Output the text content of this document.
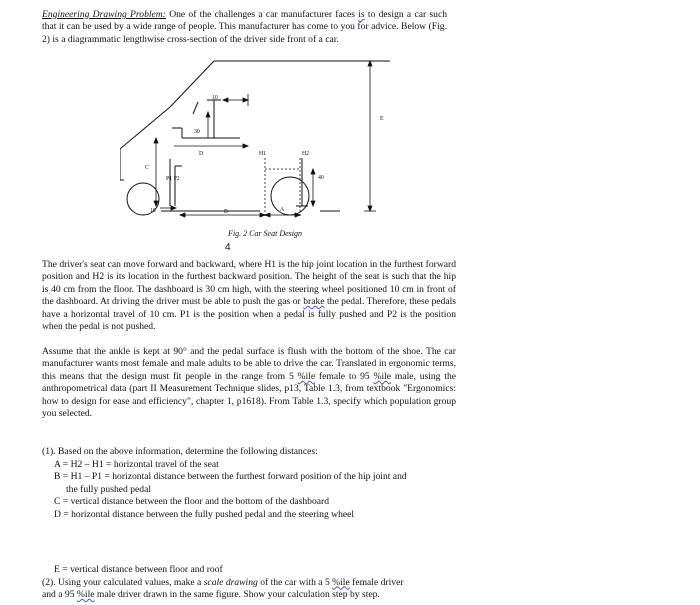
Engineering Drawing Problem: One of the challenges a car manufacturer faces is to design a car such that it can be used by a wide range of people. This manufacturer has come to you for advice. Below (Fig. 2) is a diagrammatic lengthwise cross-section of the driver side front of a car.

10
30
D	H1	H2
40
P1 P2
C
10	B	A
E
Fig. 2 Car Seat Design
4

The driver's seat can move forward and backward, where H1 is the hip joint location in the furthest forward position and H2 is its location in the furthest backward position. The height of the seat is such that the hip is 40 cm from the floor. The dashboard is 30 cm high, with the steering wheel positioned 10 cm in front of the dashboard. At driving the driver must be able to push the gas or brake the pedal. Therefore, these pedals have a horizontal travel of 10 cm. P1 is the position when a pedal is fully pushed and P2 is the position when the pedal is not pushed.

Assume that the ankle is kept at 90° and the pedal surface is flush with the bottom of the shoe. The car manufacturer wants most female and male adults to be able to drive the car. Translated in ergonomic terms, this means that the design must fit people in the range from 5 %ile female to 95 %ile male, using the anthropometrical data (part II Measurement Technique slides, p13, Table 1.3, from textbook "Ergonomics: how to design for ease and efficiency", chapter 1, p1618). From Table 1.3, specify which population group you selected.

(1). Based on the above information, determine the following distances:
A = H2 – H1 = horizontal travel of the seat
B = H1 – P1 = horizontal distance between the furthest forward position of the hip joint and
the fully pushed pedal
C = vertical distance between the floor and the bottom of the dashboard
D = horizontal distance between the fully pushed pedal and the steering wheel
E = vertical distance between floor and roof
(2). Using your calculated values, make a scale drawing of the car with a 5 %ile female driver
and a 95 %ile male driver drawn in the same figure. Show your calculation step by step.
